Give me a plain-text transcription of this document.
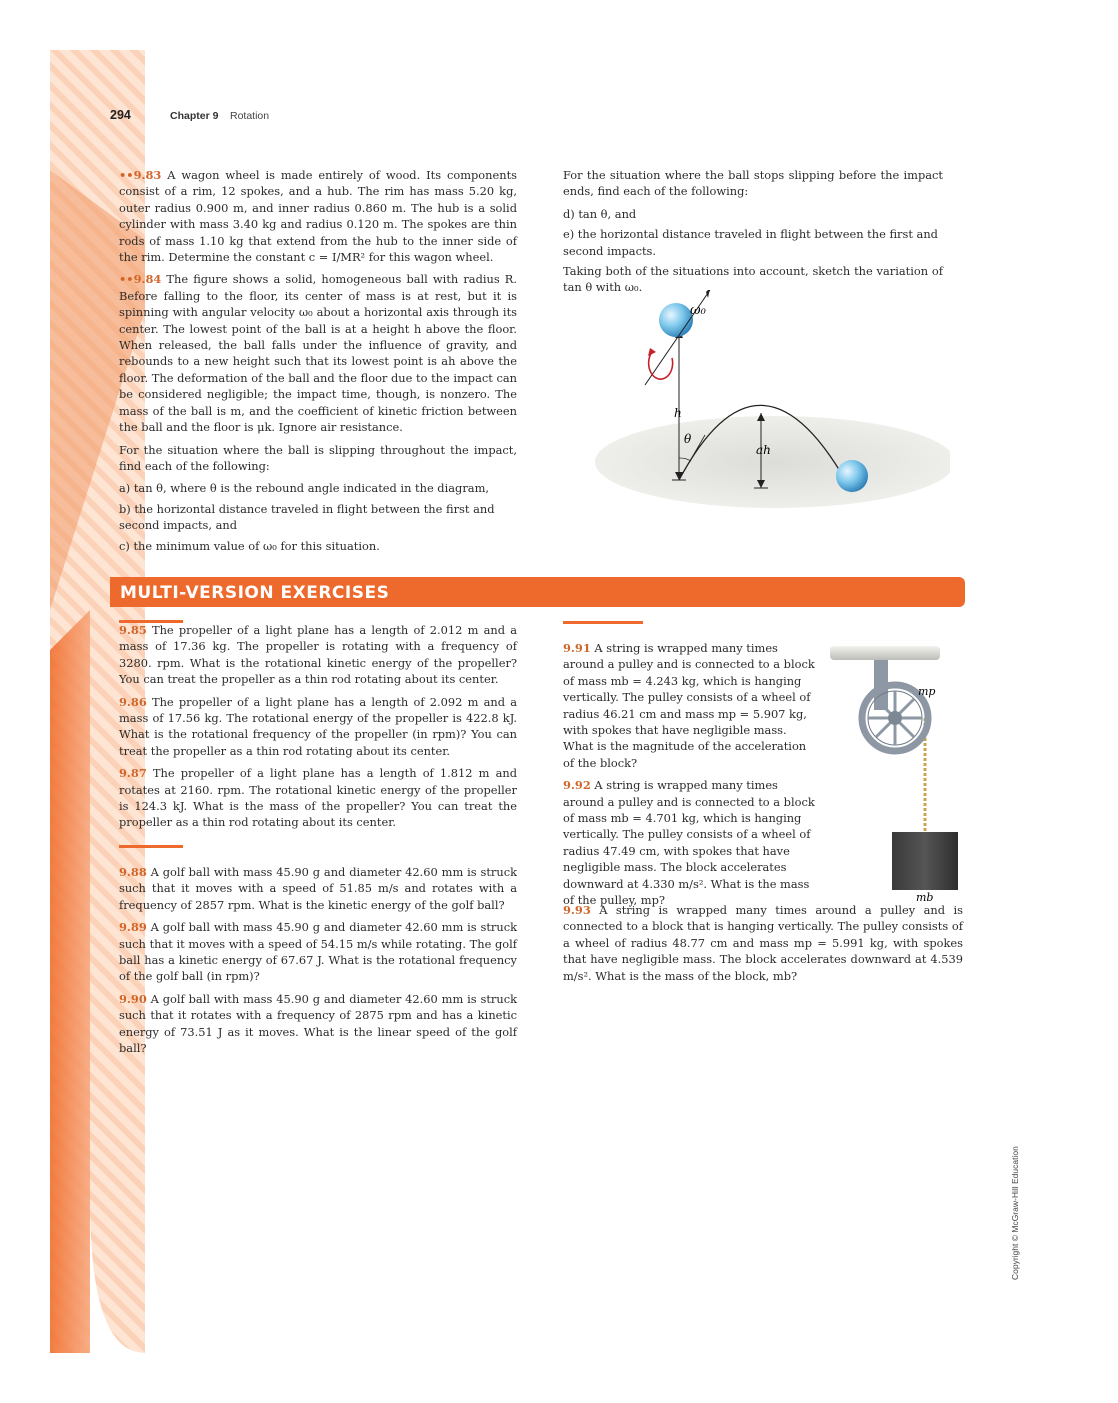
294	Chapter 9 Rotation

••9.83 A wagon wheel is made entirely of wood. Its components consist of a rim, 12 spokes, and a hub. The rim has mass 5.20 kg, outer radius 0.900 m, and inner radius 0.860 m. The hub is a solid cylinder with mass 3.40 kg and radius 0.120 m. The spokes are thin rods of mass 1.10 kg that extend from the hub to the inner side of the rim. Determine the constant c = I/MR² for this wagon wheel.

••9.84 The figure shows a solid, homogeneous ball with radius R. Before falling to the floor, its center of mass is at rest, but it is spinning with angular velocity ω₀ about a horizontal axis through its center. The lowest point of the ball is at a height h above the floor. When released, the ball falls under the influence of gravity, and rebounds to a new height such that its lowest point is ah above the floor. The deformation of the ball and the floor due to the impact can be considered negligible; the impact time, though, is nonzero. The mass of the ball is m, and the coefficient of kinetic friction between the ball and the floor is μk. Ignore air resistance.

For the situation where the ball is slipping throughout the impact, find each of the following:

a) tan θ, where θ is the rebound angle indicated in the diagram,

b) the horizontal distance traveled in flight between the first and second impacts, and

c) the minimum value of ω₀ for this situation.

For the situation where the ball stops slipping before the impact ends, find each of the following:

d) tan θ, and

e) the horizontal distance traveled in flight between the first and second impacts.

Taking both of the situations into account, sketch the variation of tan θ with ω₀.

ω₀
h
θ
ah
MULTI-VERSION EXERCISES

9.85 The propeller of a light plane has a length of 2.012 m and a mass of 17.36 kg. The propeller is rotating with a frequency of 3280. rpm. What is the rotational kinetic energy of the propeller? You can treat the propeller as a thin rod rotating about its center.

9.86 The propeller of a light plane has a length of 2.092 m and a mass of 17.56 kg. The rotational energy of the propeller is 422.8 kJ. What is the rotational frequency of the propeller (in rpm)? You can treat the propeller as a thin rod rotating about its center.

9.87 The propeller of a light plane has a length of 1.812 m and rotates at 2160. rpm. The rotational kinetic energy of the propeller is 124.3 kJ. What is the mass of the propeller? You can treat the propeller as a thin rod rotating about its center.

9.88 A golf ball with mass 45.90 g and diameter 42.60 mm is struck such that it moves with a speed of 51.85 m/s and rotates with a frequency of 2857 rpm. What is the kinetic energy of the golf ball?

9.89 A golf ball with mass 45.90 g and diameter 42.60 mm is struck such that it moves with a speed of 54.15 m/s while rotating. The golf ball has a kinetic energy of 67.67 J. What is the rotational frequency of the golf ball (in rpm)?

9.90 A golf ball with mass 45.90 g and diameter 42.60 mm is struck such that it rotates with a frequency of 2875 rpm and has a kinetic energy of 73.51 J as it moves. What is the linear speed of the golf ball?

9.91 A string is wrapped many times around a pulley and is connected to a block of mass mb = 4.243 kg, which is hanging vertically. The pulley consists of a wheel of radius 46.21 cm and mass mp = 5.907 kg, with spokes that have negligible mass. What is the magnitude of the acceleration of the block?

9.92 A string is wrapped many times around a pulley and is connected to a block of mass mb = 4.701 kg, which is hanging vertically. The pulley consists of a wheel of radius 47.49 cm, with spokes that have negligible mass. The block accelerates downward at 4.330 m/s². What is the mass of the pulley, mp?

9.93 A string is wrapped many times around a pulley and is connected to a block that is hanging vertically. The pulley consists of a wheel of radius 48.77 cm and mass mp = 5.991 kg, with spokes that have negligible mass. The block accelerates downward at 4.539 m/s². What is the mass of the block, mb?

mp
mb
Copyright © McGraw-Hill Education
